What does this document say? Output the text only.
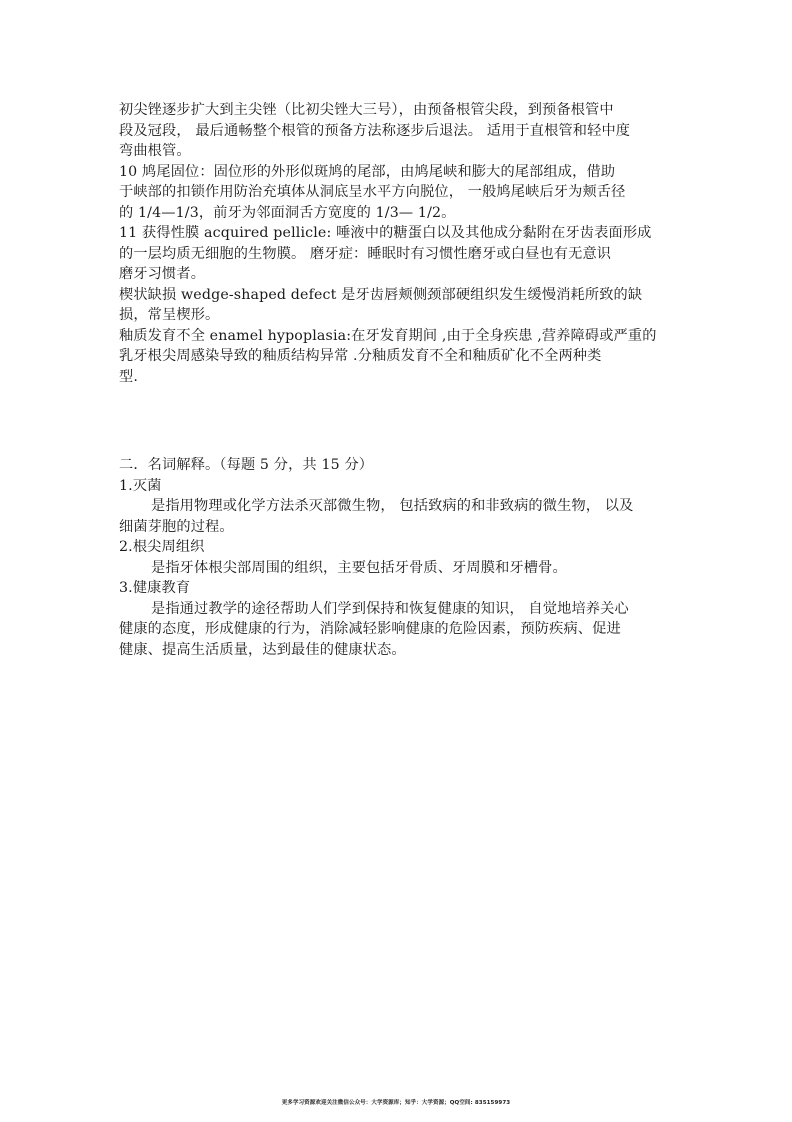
初尖锉逐步扩大到主尖锉（比初尖锉大三号），由预备根管尖段，到预备根管中
段及冠段， 最后通畅整个根管的预备方法称逐步后退法。 适用于直根管和轻中度
弯曲根管。
10 鸠尾固位：固位形的外形似斑鸠的尾部，由鸠尾峡和膨大的尾部组成，借助
于峡部的扣锁作用防治充填体从洞底呈水平方向脱位， 一般鸠尾峡后牙为颊舌径
的 1/4—1/3，前牙为邻面洞舌方宽度的 1/3— 1/2。
11 获得性膜 acquired pellicle: 唾液中的糖蛋白以及其他成分黏附在牙齿表面形成
的一层均质无细胞的生物膜。 磨牙症：睡眠时有习惯性磨牙或白昼也有无意识
磨牙习惯者。
楔状缺损 wedge-shaped defect 是牙齿唇颊侧颈部硬组织发生缓慢消耗所致的缺
损，常呈楔形。
釉质发育不全 enamel hypoplasia:在牙发育期间 ,由于全身疾患 ,营养障碍或严重的
乳牙根尖周感染导致的釉质结构异常 .分釉质发育不全和釉质矿化不全两种类
型.
二．名词解释。（每题 5 分，共 15 分）
1.灭菌
是指用物理或化学方法杀灭部微生物， 包括致病的和非致病的微生物， 以及
细菌芽胞的过程。
2.根尖周组织
是指牙体根尖部周围的组织，主要包括牙骨质、牙周膜和牙槽骨。
3.健康教育
是指通过教学的途径帮助人们学到保持和恢复健康的知识， 自觉地培养关心
健康的态度，形成健康的行为，消除减轻影响健康的危险因素，预防疾病、促进
健康、提高生活质量，达到最佳的健康状态。
更多学习资源欢迎关注微信公众号：大学资源库；知乎：大学资源；QQ空间: 835159973
